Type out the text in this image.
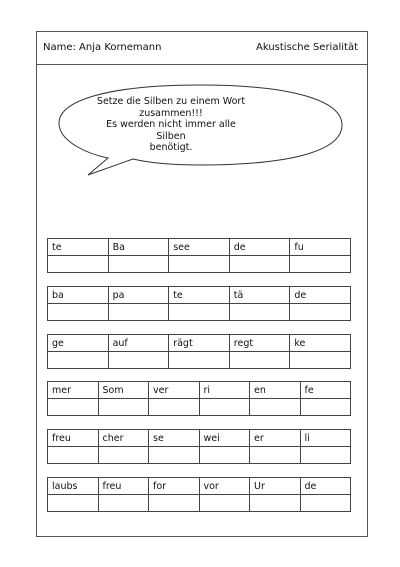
Name: Anja Kornemann	Akustische Serialität
Setze die Silben zu einem Wort
zusammen!!!
Es werden nicht immer alle Silben
benötigt.
te	Ba	see	de	fu

ba	pa	te	tä	de

ge	auf	rägt	regt	ke

mer	Som	ver	ri	en	fe

freu	cher	se	wei	er	li

laubs	freu	for	vor	Ur	de
